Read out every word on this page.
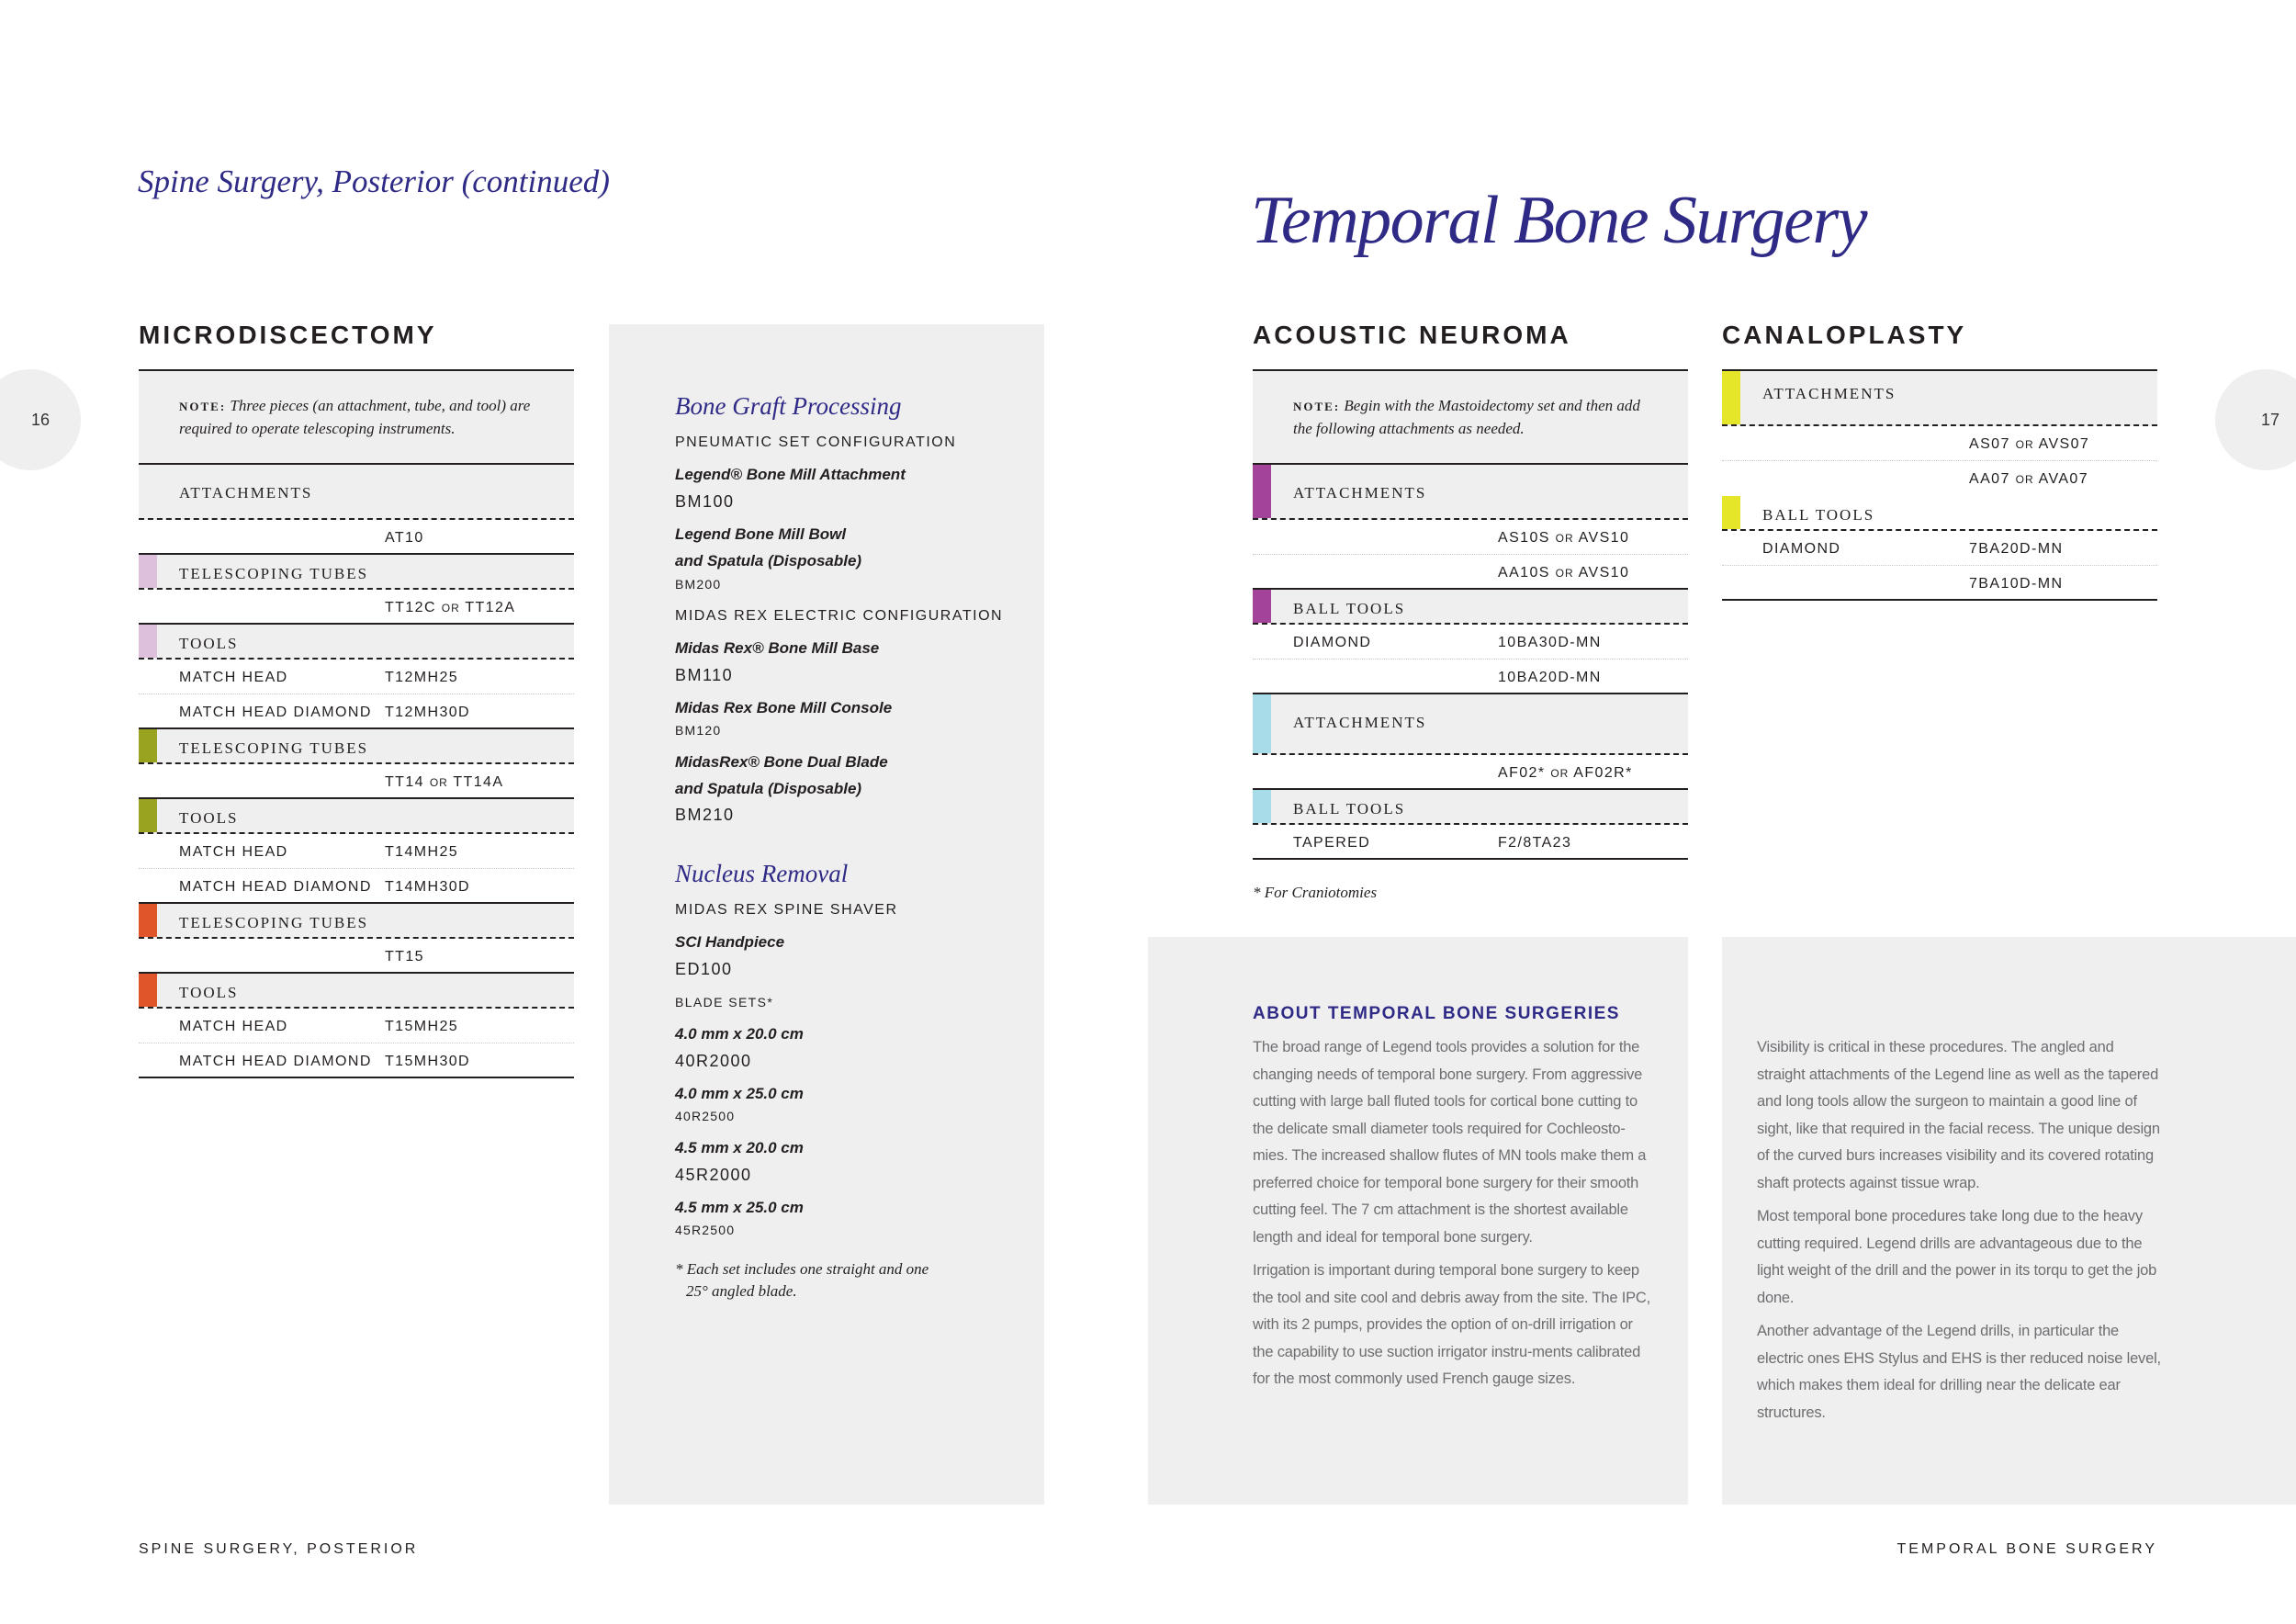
16	17
Spine Surgery, Posterior (continued)
MICRODISCECTOMY
NOTE: Three pieces (an attachment, tube, and tool) are required to operate telescoping instruments.
ATTACHMENTS
AT10
TELESCOPING TUBES
TT12C OR TT12A
TOOLS
MATCH HEAD	T12MH25
MATCH HEAD DIAMOND T12MH30D
TELESCOPING TUBES
TT14 OR TT14A
TOOLS
MATCH HEAD	T14MH25
MATCH HEAD DIAMOND T14MH30D
TELESCOPING TUBES
TT15
TOOLS
MATCH HEAD	T15MH25
MATCH HEAD DIAMOND T15MH30D
Bone Graft Processing
PNEUMATIC SET CONFIGURATION
Legend® Bone Mill Attachment
BM100
Legend Bone Mill Bowl
and Spatula (Disposable)
BM200
MIDAS REX ELECTRIC CONFIGURATION
Midas Rex® Bone Mill Base
BM110
Midas Rex Bone Mill Console
BM120
MidasRex® Bone Dual Blade
and Spatula (Disposable)
BM210
Nucleus Removal
MIDAS REX SPINE SHAVER
SCI Handpiece
ED100
BLADE SETS*
4.0 mm x 20.0 cm
40R2000
4.0 mm x 25.0 cm
40R2500
4.5 mm x 20.0 cm
45R2000
4.5 mm x 25.0 cm
45R2500
* Each set includes one straight and one
25° angled blade.
SPINE SURGERY, POSTERIOR
Temporal Bone Surgery
ACOUSTIC NEUROMA
NOTE: Begin with the Mastoidectomy set and then add the following attachments as needed.
ATTACHMENTS
AS10S OR AVS10
AA10S OR AVS10
BALL TOOLS
DIAMOND	10BA30D-MN
10BA20D-MN
ATTACHMENTS
AF02* OR AF02R*
BALL TOOLS
TAPERED	F2/8TA23
* For Craniotomies
CANALOPLASTY
ATTACHMENTS
AS07 OR AVS07
AA07 OR AVA07
BALL TOOLS
DIAMOND	7BA20D-MN
7BA10D-MN
ABOUT TEMPORAL BONE SURGERIES

The broad range of Legend tools provides a solution for the changing needs of temporal bone surgery. From aggressive cutting with large ball fluted tools for cortical bone cutting to the delicate small diameter tools required for Cochleosto-mies. The increased shallow flutes of MN tools make them a preferred choice for temporal bone surgery for their smooth cutting feel. The 7 cm attachment is the shortest available length and ideal for temporal bone surgery.

Irrigation is important during temporal bone surgery to keep the tool and site cool and debris away from the site. The IPC, with its 2 pumps, provides the option of on-drill irrigation or the capability to use suction irrigator instru-ments calibrated for the most commonly used French gauge sizes.

Visibility is critical in these procedures. The angled and straight attachments of the Legend line as well as the tapered and long tools allow the surgeon to maintain a good line of sight, like that required in the facial recess. The unique design of the curved burs increases visibility and its covered rotating shaft protects against tissue wrap.

Most temporal bone procedures take long due to the heavy cutting required. Legend drills are advantageous due to the light weight of the drill and the power in its torqu to get the job done.

Another advantage of the Legend drills, in particular the electric ones EHS Stylus and EHS is ther reduced noise level, which makes them ideal for drilling near the delicate ear structures.

TEMPORAL BONE SURGERY
